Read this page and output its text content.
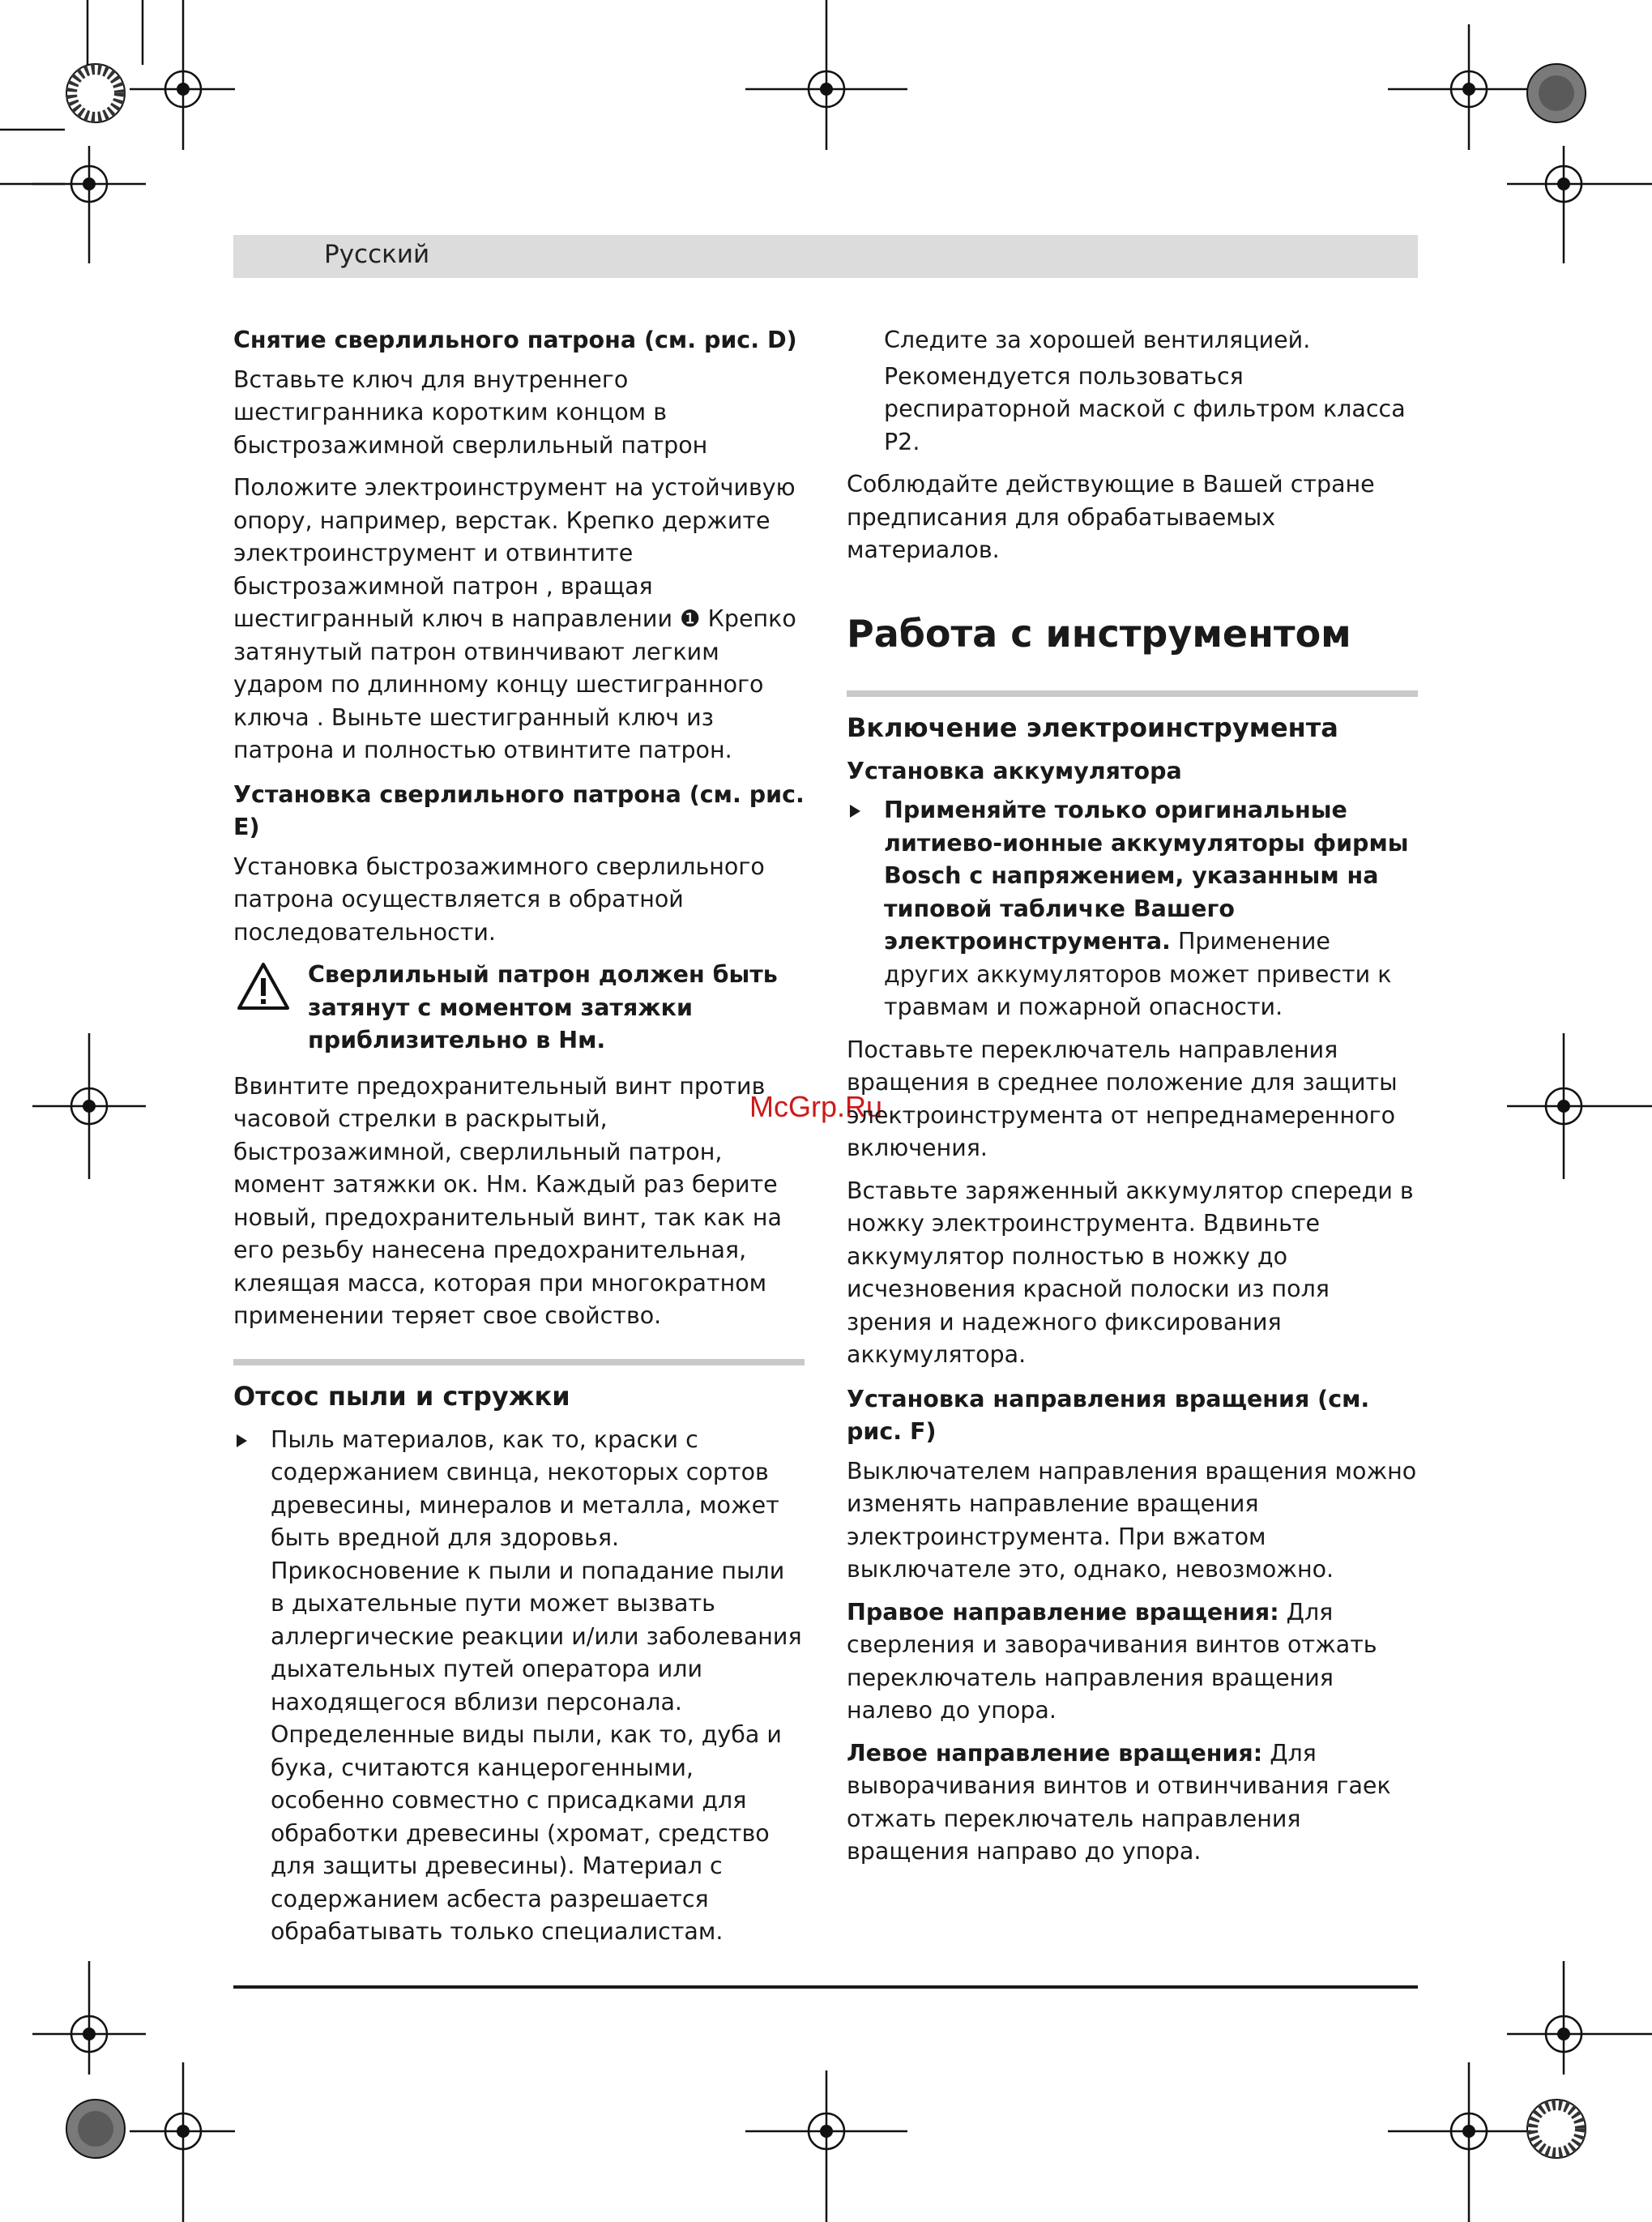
Русский
McGrp.Ru
Снятие сверлильного патрона (см. рис. D)

Вставьте ключ для внутреннего шестигранника коротким концом в быстрозажимной сверлильный патрон

Положите электроинструмент на устойчивую опору, например, верстак. Крепко держите электроинструмент и отвинтите быстрозажимной патрон , вращая шестигранный ключ в направлении ❶ Крепко затянутый патрон отвинчивают легким ударом по длинному концу шестигранного ключа . Выньте шестигранный ключ из патрона и полностью отвинтите патрон.

Установка сверлильного патрона (см. рис. E)

Установка быстрозажимного сверлильного патрона осуществляется в обратной последовательности.

Сверлильный патрон должен быть затянут с моментом затяжки приблизительно в Нм.

Ввинтите предохранительный винт против часовой стрелки в раскрытый, быстрозажимной, сверлильный патрон, момент затяжки ок. Нм. Каждый раз берите новый, предохранительный винт, так как на его резьбу нанесена предохранительная, клеящая масса, которая при многократном применении теряет свое свойство.

Отсос пыли и стружки

Пыль материалов, как то, краски с содержанием свинца, некоторых сортов древесины, минералов и металла, может быть вредной для здоровья. Прикосновение к пыли и попадание пыли в дыхательные пути может вызвать аллергические реакции и/или заболевания дыхательных путей оператора или находящегося вблизи персонала. Определенные виды пыли, как то, дуба и бука, считаются канцерогенными, особенно совместно с присадками для обработки древесины (хромат, средство для защиты древесины). Материал с содержанием асбеста разрешается обрабатывать только специалистам.

Следите за хорошей вентиляцией.

Рекомендуется пользоваться респираторной маской с фильтром класса P2.

Соблюдайте действующие в Вашей стране предписания для обрабатываемых материалов.

Работа с инструментом
Включение электроинструмента
Установка аккумулятора

Применяйте только оригинальные литиево-ионные аккумуляторы фирмы Bosch с напряжением, указанным на типовой табличке Вашего электроинструмента. Применение других аккумуляторов может привести к травмам и пожарной опасности.

Поставьте переключатель направления вращения в среднее положение для защиты электроинструмента от непреднамеренного включения.

Вставьте заряженный аккумулятор спереди в ножку электроинструмента. Вдвиньте аккумулятор полностью в ножку до исчезновения красной полоски из поля зрения и надежного фиксирования аккумулятора.

Установка направления вращения (см. рис. F)

Выключателем направления вращения можно изменять направление вращения электроинструмента. При вжатом выключателе это, однако, невозможно.

Правое направление вращения: Для сверления и заворачивания винтов отжать переключатель направления вращения налево до упора.

Левое направление вращения: Для выворачивания винтов и отвинчивания гаек отжать переключатель направления вращения направо до упора.
